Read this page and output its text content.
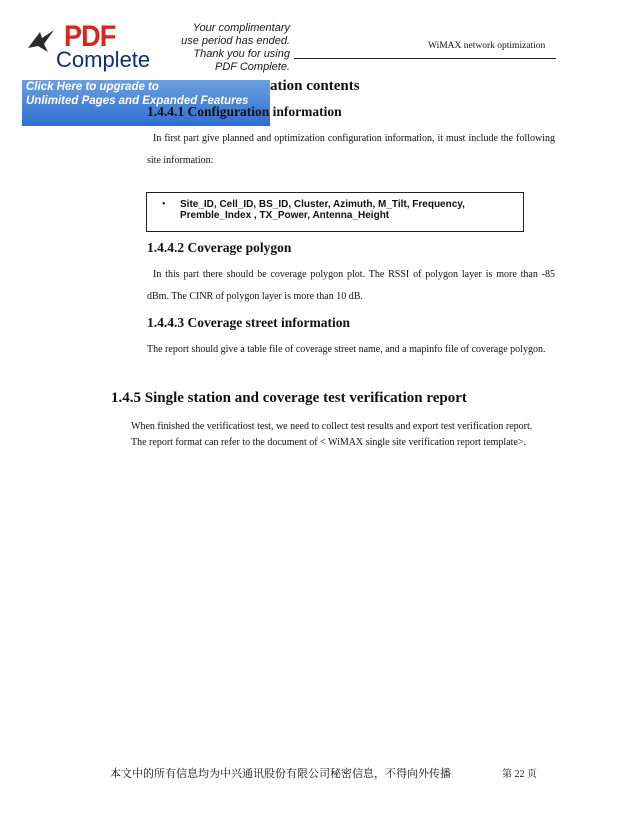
WiMAX network optimization
PDF
Complete
Your complimentary
use period has ended.
Thank you for using
PDF Complete.
Click Here to upgrade to
Unlimited Pages and Expanded Features
ation contents
1.4.4.1 Configuration information
In first part give planned and optimization configuration information, it must include the following site information:
• Site_ID, Cell_ID, BS_ID, Cluster, Azimuth, M_Tilt, Frequency, Premble_Index , TX_Power, Antenna_Height
1.4.4.2 Coverage polygon
In this part there should be coverage polygon plot. The RSSI of polygon layer is more than -85 dBm. The CINR of polygon layer is more than 10 dB.
1.4.4.3 Coverage street information
The report should give a table file of coverage street name, and a mapinfo file of coverage polygon.
1.4.5 Single station and coverage test verification report
When finished the verificatiost test, we need to collect test results and export test verification report.
The report format can refer to the document of < WiMAX single site verification report template>.
本文中的所有信息均为中兴通讯股份有限公司秘密信息，不得向外传播	第 22 页
